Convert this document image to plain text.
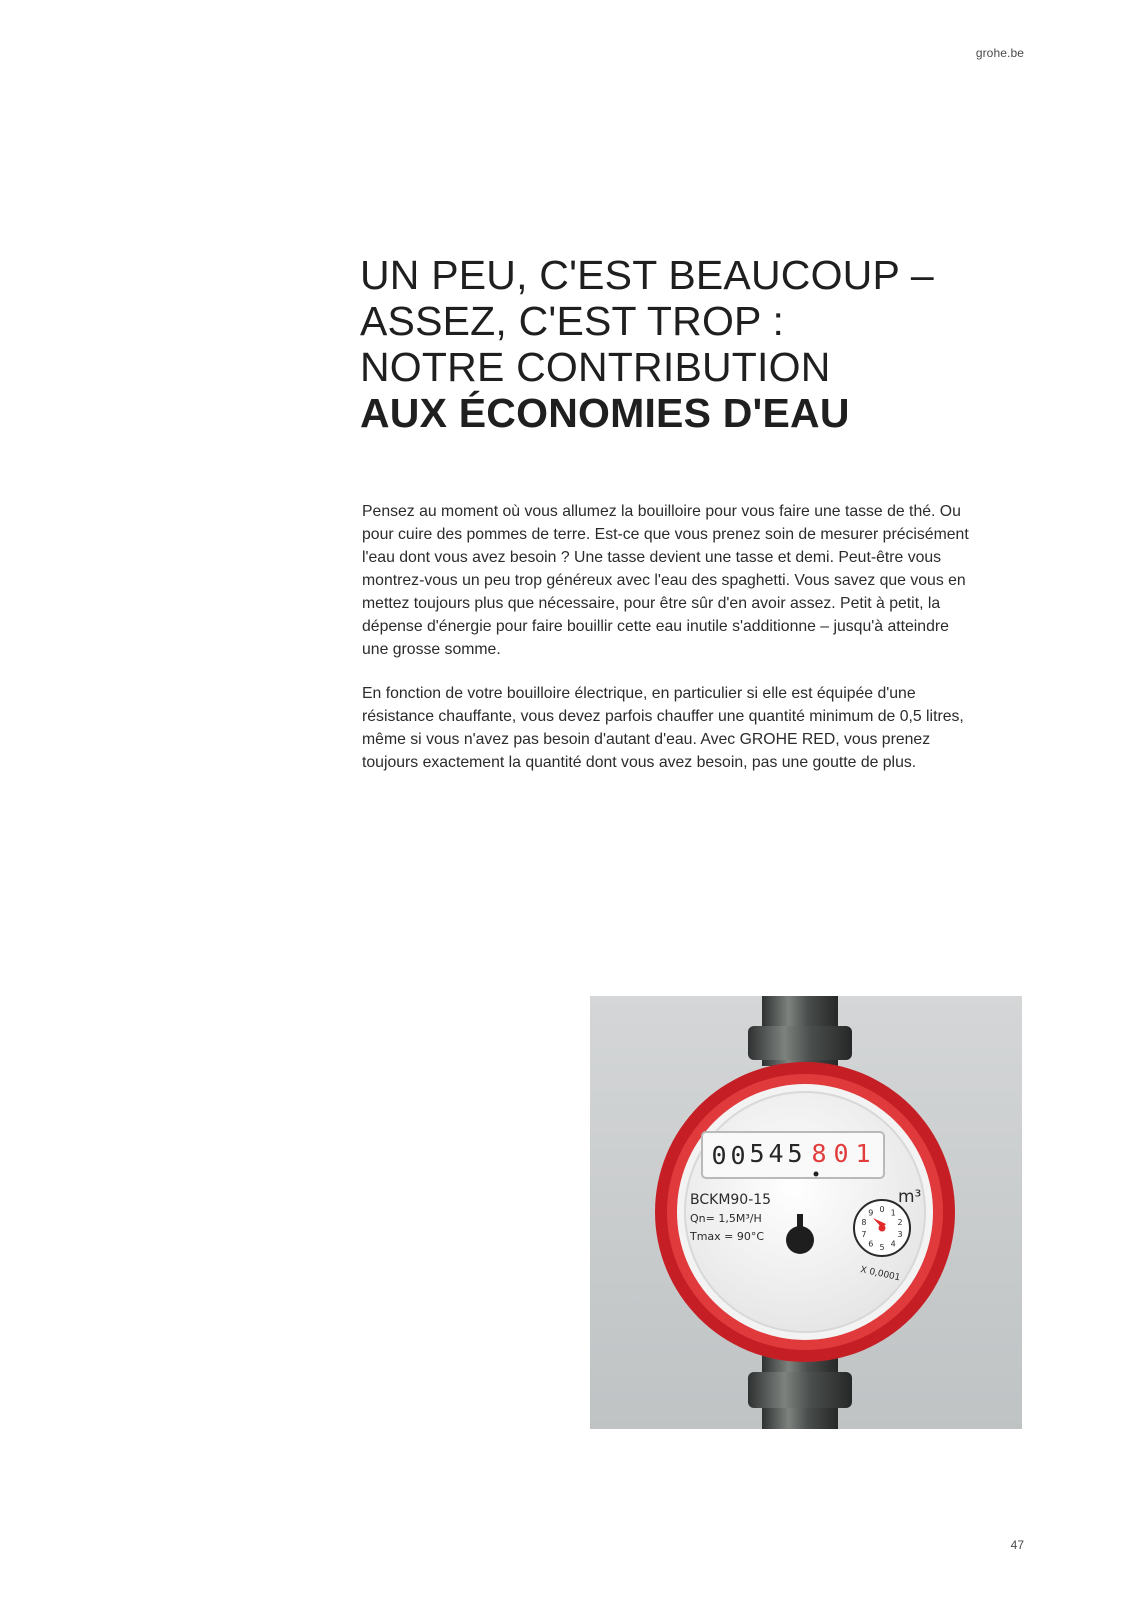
grohe.be
UN PEU, C'EST BEAUCOUP –
ASSEZ, C'EST TROP :
NOTRE CONTRIBUTION
AUX ÉCONOMIES D'EAU

Pensez au moment où vous allumez la bouilloire pour vous faire une tasse de thé. Ou pour cuire des pommes de terre. Est-ce que vous prenez soin de mesurer précisément l'eau dont vous avez besoin ? Une tasse devient une tasse et demi. Peut-être vous montrez-vous un peu trop généreux avec l'eau des spaghetti. Vous savez que vous en mettez toujours plus que nécessaire, pour être sûr d'en avoir assez. Petit à petit, la dépense d'énergie pour faire bouillir cette eau inutile s'additionne – jusqu'à atteindre une grosse somme.

En fonction de votre bouilloire électrique, en particulier si elle est équipée d'une résistance chauffante, vous devez parfois chauffer une quantité minimum de 0,5 litres, même si vous n'avez pas besoin d'autant d'eau. Avec GROHE RED, vous prenez toujours exactement la quantité dont vous avez besoin, pas une goutte de plus.

0 0 5 4 5 8 0 1
BCKM90-15
Qn= 1,5M³/H
Tmax = 90°C
m³
0 1
2
3
4
5
6
7
8
9
X 0,0001
47
